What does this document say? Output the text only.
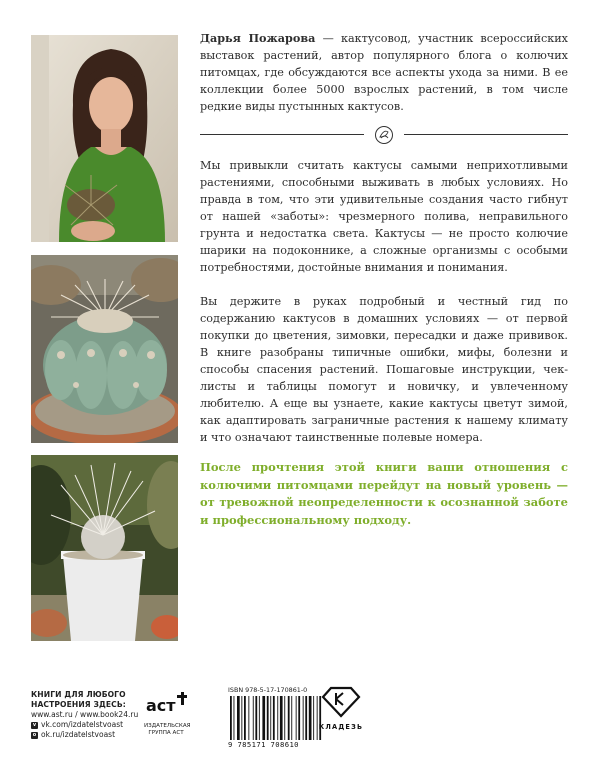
Дарья Пожарова — кактусовод, участник всероссийских выставок растений, автор популярного блога о колючих питомцах, где обсуждаются все аспекты ухода за ними. В ее коллекции более 5000 взрослых растений, в том числе редкие виды пустынных кактусов.
Мы привыкли считать кактусы самыми неприхотливыми растениями, способными выживать в любых условиях. Но правда в том, что эти удивительные создания часто гибнут от нашей «заботы»: чрезмерного полива, неправильного грунта и недостатка света. Кактусы — не просто колючие шарики на подоконнике, а сложные организмы с особыми потребностями, достойные внимания и понимания.
Вы держите в руках подробный и честный гид по содержанию кактусов в домашних условиях — от первой покупки до цветения, зимовки, пересадки и даже прививок. В книге разобраны типичные ошибки, мифы, болезни и способы спасения растений. Пошаговые инструкции, чек-листы и таблицы помогут и новичку, и увлеченному любителю. А еще вы узнаете, какие кактусы цветут зимой, как адаптировать заграничные растения к нашему климату и что означают таинственные полевые номера.
После прочтения этой книги ваши отношения с колючими питомцами перейдут на новый уровень — от тревожной неопределенности к осознанной заботе и профессиональному подходу.
КНИГИ ДЛЯ ЛЮБОГО
НАСТРОЕНИЯ ЗДЕСЬ:
www.ast.ru / www.book24.ru
v vk.com/izdatelstvoast
o ok.ru/izdatelstvoast
аст
ИЗДАТЕЛЬСКАЯ
ГРУППА АСТ
ISBN 978-5-17-170861-0
9 785171 708610
КЛАДЕЗЬ
